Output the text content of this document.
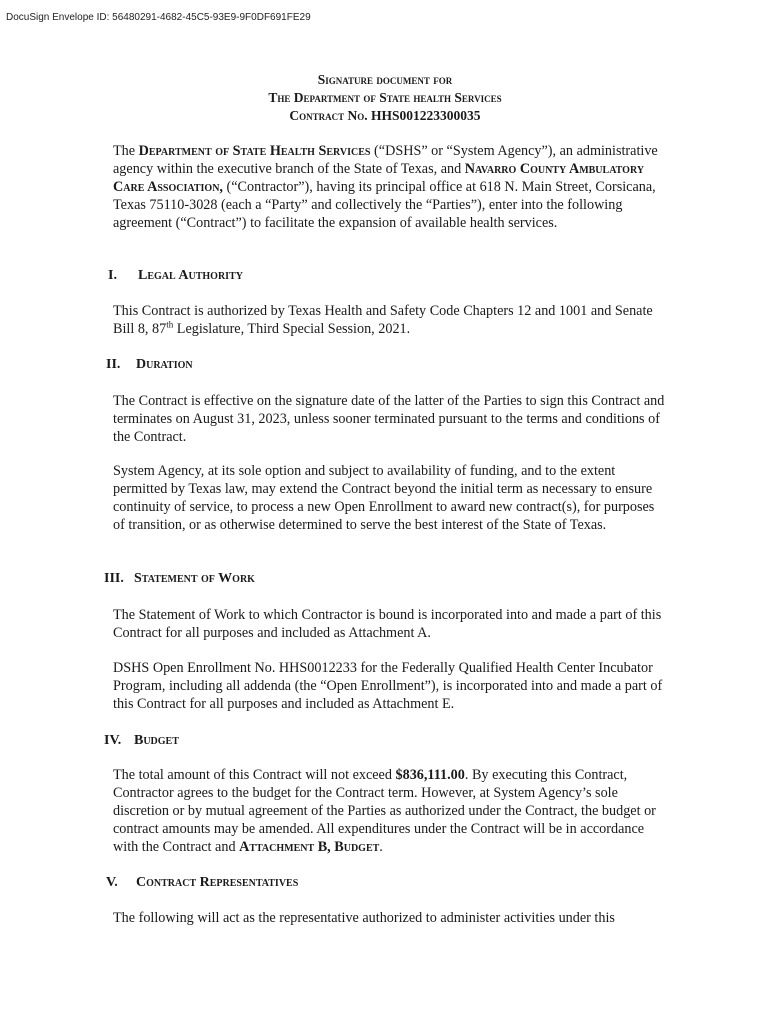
DocuSign Envelope ID: 56480291-4682-45C5-93E9-9F0DF691FE29
Signature document for
The Department of State health Services
Contract No. HHS001223300035
The Department of State Health Services (“DSHS” or “System Agency”), an administrative agency within the executive branch of the State of Texas, and Navarro County Ambulatory Care Association, (“Contractor”), having its principal office at 618 N. Main Street, Corsicana, Texas 75110-3028 (each a “Party” and collectively the “Parties”), enter into the following agreement (“Contract”) to facilitate the expansion of available health services.
I. Legal Authority
This Contract is authorized by Texas Health and Safety Code Chapters 12 and 1001 and Senate Bill 8, 87th Legislature, Third Special Session, 2021.
II. Duration
The Contract is effective on the signature date of the latter of the Parties to sign this Contract and terminates on August 31, 2023, unless sooner terminated pursuant to the terms and conditions of the Contract.
System Agency, at its sole option and subject to availability of funding, and to the extent permitted by Texas law, may extend the Contract beyond the initial term as necessary to ensure continuity of service, to process a new Open Enrollment to award new contract(s), for purposes of transition, or as otherwise determined to serve the best interest of the State of Texas.
III. Statement of Work
The Statement of Work to which Contractor is bound is incorporated into and made a part of this Contract for all purposes and included as Attachment A.
DSHS Open Enrollment No. HHS0012233 for the Federally Qualified Health Center Incubator Program, including all addenda (the “Open Enrollment”), is incorporated into and made a part of this Contract for all purposes and included as Attachment E.
IV. Budget
The total amount of this Contract will not exceed $836,111.00. By executing this Contract, Contractor agrees to the budget for the Contract term. However, at System Agency’s sole discretion or by mutual agreement of the Parties as authorized under the Contract, the budget or contract amounts may be amended. All expenditures under the Contract will be in accordance with the Contract and Attachment B, Budget.
V. Contract Representatives
The following will act as the representative authorized to administer activities under this
